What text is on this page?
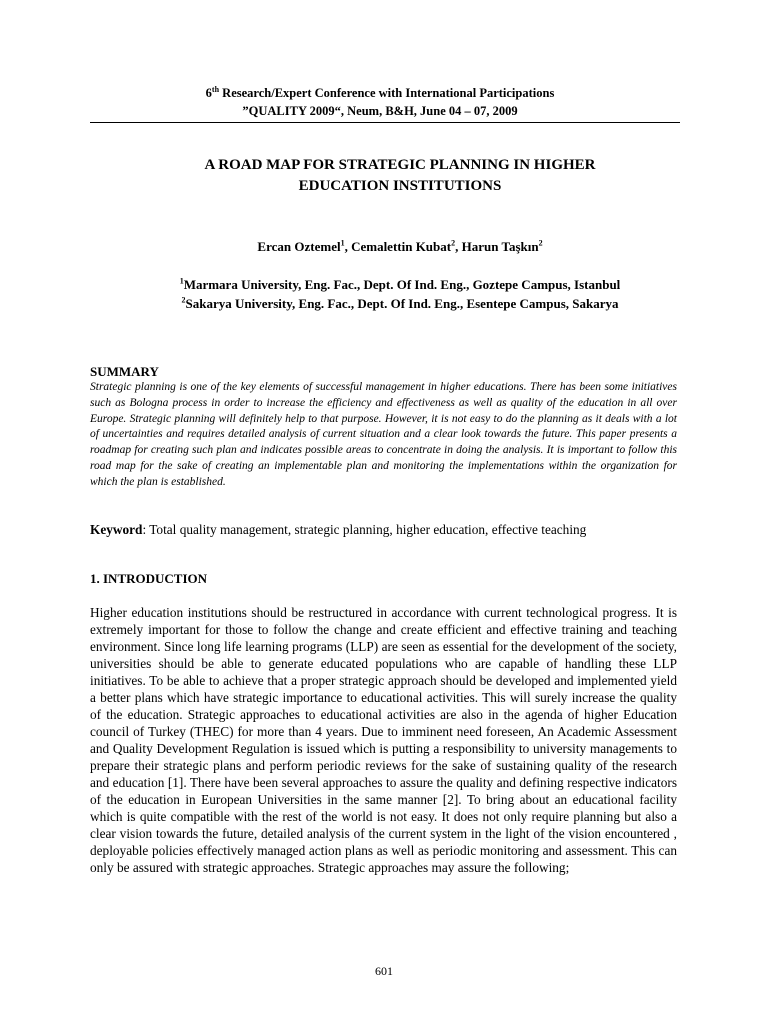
6th Research/Expert Conference with International Participations
”QUALITY 2009“, Neum, B&H, June 04 – 07, 2009
A ROAD MAP FOR STRATEGIC PLANNING IN HIGHER
EDUCATION INSTITUTIONS
Ercan Oztemel$^1$, Cemalettin Kubat$^2$, Harun Taşkın$^2$
$^1$Marmara University, Eng. Fac., Dept. Of Ind. Eng., Goztepe Campus, Istanbul
$^2$Sakarya University, Eng. Fac., Dept. Of Ind. Eng., Esentepe Campus, Sakarya
SUMMARY
Strategic planning is one of the key elements of successful management in higher educations. There has been some initiatives such as Bologna process in order to increase the efficiency and effectiveness as well as quality of the education in all over Europe. Strategic planning will definitely help to that purpose. However, it is not easy to do the planning as it deals with a lot of uncertainties and requires detailed analysis of current situation and a clear look towards the future. This paper presents a roadmap for creating such plan and indicates possible areas to concentrate in doing the analysis. It is important to follow this road map for the sake of creating an implementable plan and monitoring the implementations within the organization for which the plan is established.
Keyword: Total quality management, strategic planning, higher education, effective teaching
1. INTRODUCTION

Higher education institutions should be restructured in accordance with current technological progress. It is extremely important for those to follow the change and create efficient and effective training and teaching environment. Since long life learning programs (LLP) are seen as essential for the development of the society, universities should be able to generate educated populations who are capable of handling these LLP initiatives. To be able to achieve that a proper strategic approach should be developed and implemented yield a better plans which have strategic importance to educational activities. This will surely increase the quality of the education. Strategic approaches to educational activities are also in the agenda of higher Education council of Turkey (THEC) for more than 4 years. Due to imminent need foreseen, An Academic Assessment and Quality Development Regulation is issued which is putting a responsibility to university managements to prepare their strategic plans and perform periodic reviews for the sake of sustaining quality of the research and education [1]. There have been several approaches to assure the quality and defining respective indicators of the education in European Universities in the same manner [2]. To bring about an educational facility which is quite compatible with the rest of the world is not easy. It does not only require planning but also a clear vision towards the future, detailed analysis of the current system in the light of the vision encountered , deployable policies effectively managed action plans as well as periodic monitoring and assessment. This can only be assured with strategic approaches. Strategic approaches may assure the following;

601
